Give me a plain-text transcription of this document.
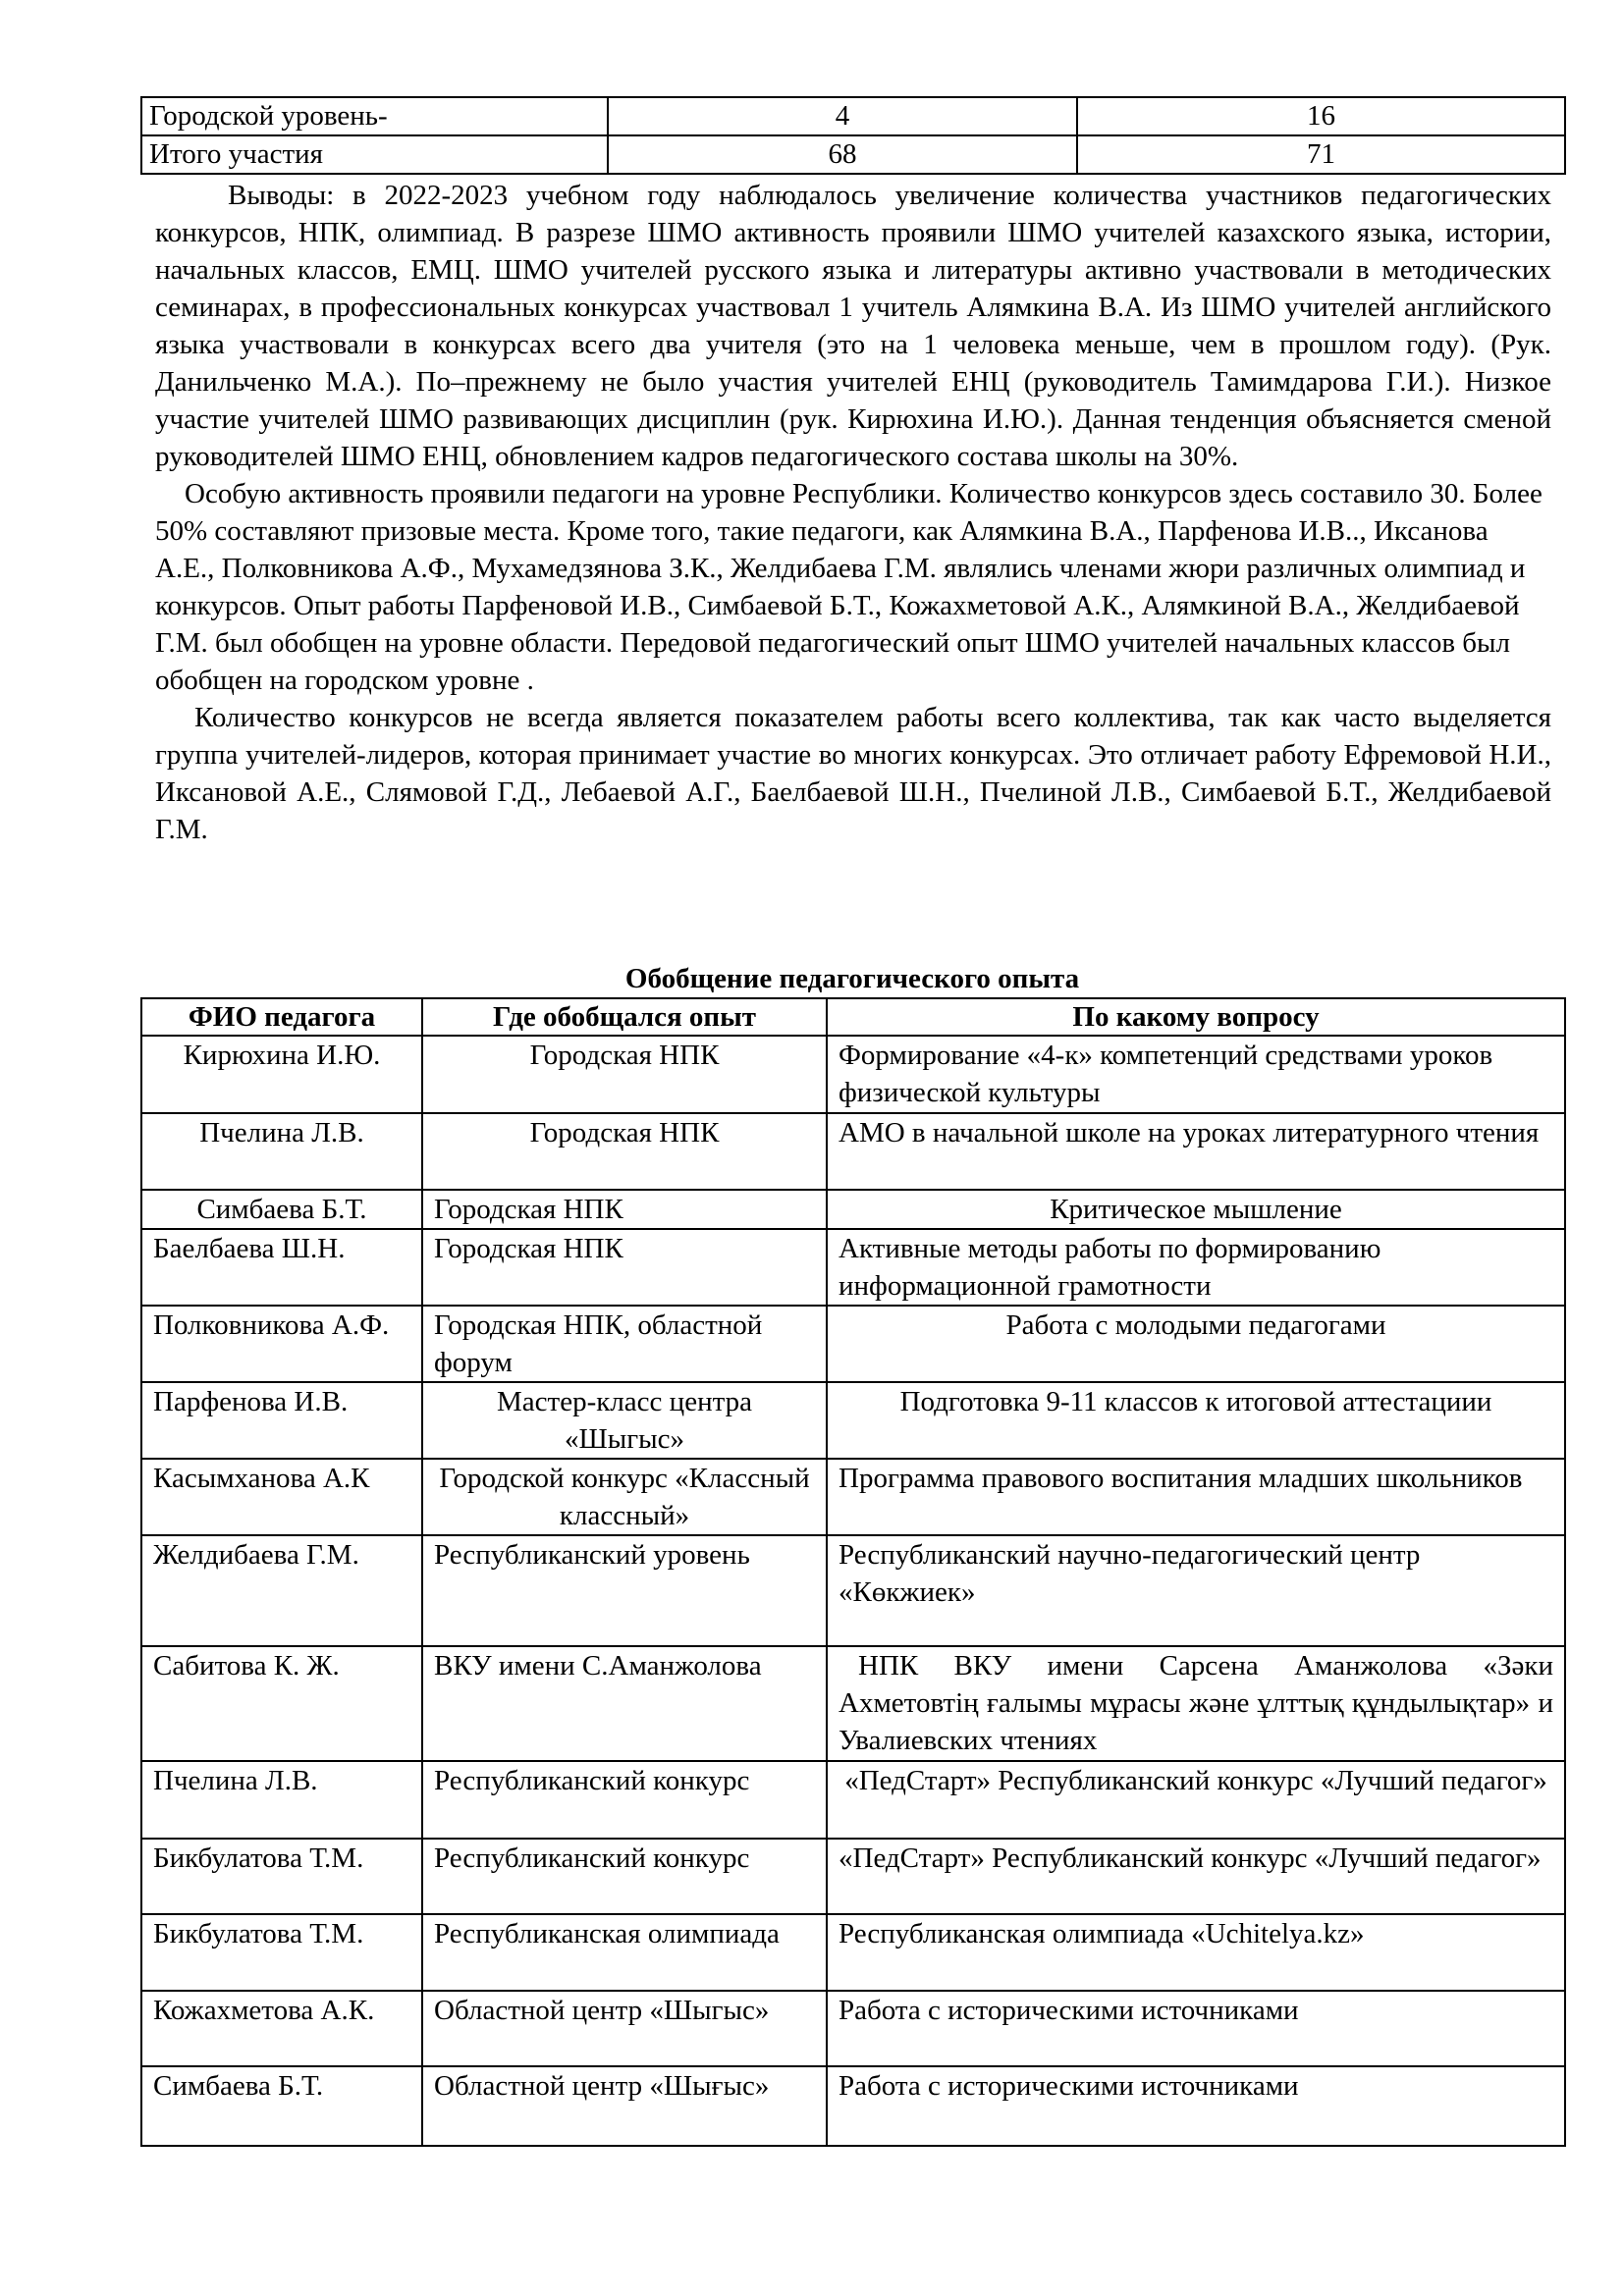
Городской уровень-	4	16
Итого участия	68	71

Выводы: в 2022-2023 учебном году наблюдалось увеличение количества участников педагогических конкурсов, НПК, олимпиад. В разрезе ШМО активность проявили ШМО учителей казахского языка, истории, начальных классов, ЕМЦ. ШМО учителей русского языка и литературы активно участвовали в методических семинарах, в профессиональных конкурсах участвовал 1 учитель Алямкина В.А. Из ШМО учителей английского языка участвовали в конкурсах всего два учителя (это на 1 человека меньше, чем в прошлом году). (Рук. Данильченко М.А.). По–прежнему не было участия учителей ЕНЦ (руководитель Тамимдарова Г.И.). Низкое участие учителей ШМО развивающих дисциплин (рук. Кирюхина И.Ю.). Данная тенденция объясняется сменой руководителей ШМО ЕНЦ, обновлением кадров педагогического состава школы на 30%.

Особую активность проявили педагоги на уровне Республики. Количество конкурсов здесь составило 30. Более 50% составляют призовые места. Кроме того, такие педагоги, как Алямкина В.А., Парфенова И.В.., Иксанова А.Е., Полковникова А.Ф., Мухамедзянова З.К., Желдибаева Г.М. являлись членами жюри различных олимпиад и конкурсов. Опыт работы Парфеновой И.В., Симбаевой Б.Т., Кожахметовой А.К., Алямкиной В.А., Желдибаевой Г.М. был обобщен на уровне области. Передовой педагогический опыт ШМО учителей начальных классов был обобщен на городском уровне .

Количество конкурсов не всегда является показателем работы всего коллектива, так как часто выделяется группа учителей-лидеров, которая принимает участие во многих конкурсах. Это отличает работу Ефремовой Н.И., Иксановой А.Е., Слямовой Г.Д., Лебаевой А.Г., Баелбаевой Ш.Н., Пчелиной Л.В., Симбаевой Б.Т., Желдибаевой Г.М.

Обобщение педагогического опыта
ФИО педагога	Где обобщался опыт	По какому вопросу
Кирюхина И.Ю.	Городская НПК	Формирование «4-к» компетенций средствами уроков физической культуры
Пчелина Л.В.	Городская НПК	АМО в начальной школе на уроках литературного чтения
Симбаева Б.Т.	Городская НПК	Критическое мышление
Баелбаева Ш.Н.	Городская НПК	Активные методы работы по формированию информационной грамотности
Полковникова А.Ф.	Городская НПК, областной форум	Работа с молодыми педагогами
Парфенова И.В.	Мастер-класс центра «Шыгыс»	Подготовка 9-11 классов к итоговой аттестациии
Касымханова А.К	Городской конкурс «Классный классный»	Программа правового воспитания младших школьников
Желдибаева Г.М.	Республиканский уровень	Республиканский научно-педагогический центр «Көкжиек»
Сабитова К. Ж.	ВКУ имени С.Аманжолова	НПК ВКУ имени Сарсена Аманжолова «Зәки Ахметовтің ғалымы мұрасы және ұлттық құндылықтар» и Увалиевских чтениях
Пчелина Л.В.	Республиканский конкурс	«ПедСтарт» Республиканский конкурс «Лучший педагог»
Бикбулатова Т.М.	Республиканский конкурс	«ПедСтарт» Республиканский конкурс «Лучший педагог»
Бикбулатова Т.М.	Республиканская олимпиада	Республиканская олимпиада «Uchitelya.kz»
Кожахметова А.К.	Областной центр «Шыгыс»	Работа с историческими источниками
Симбаева Б.Т.	Областной центр «Шығыс»	Работа с историческими источниками
